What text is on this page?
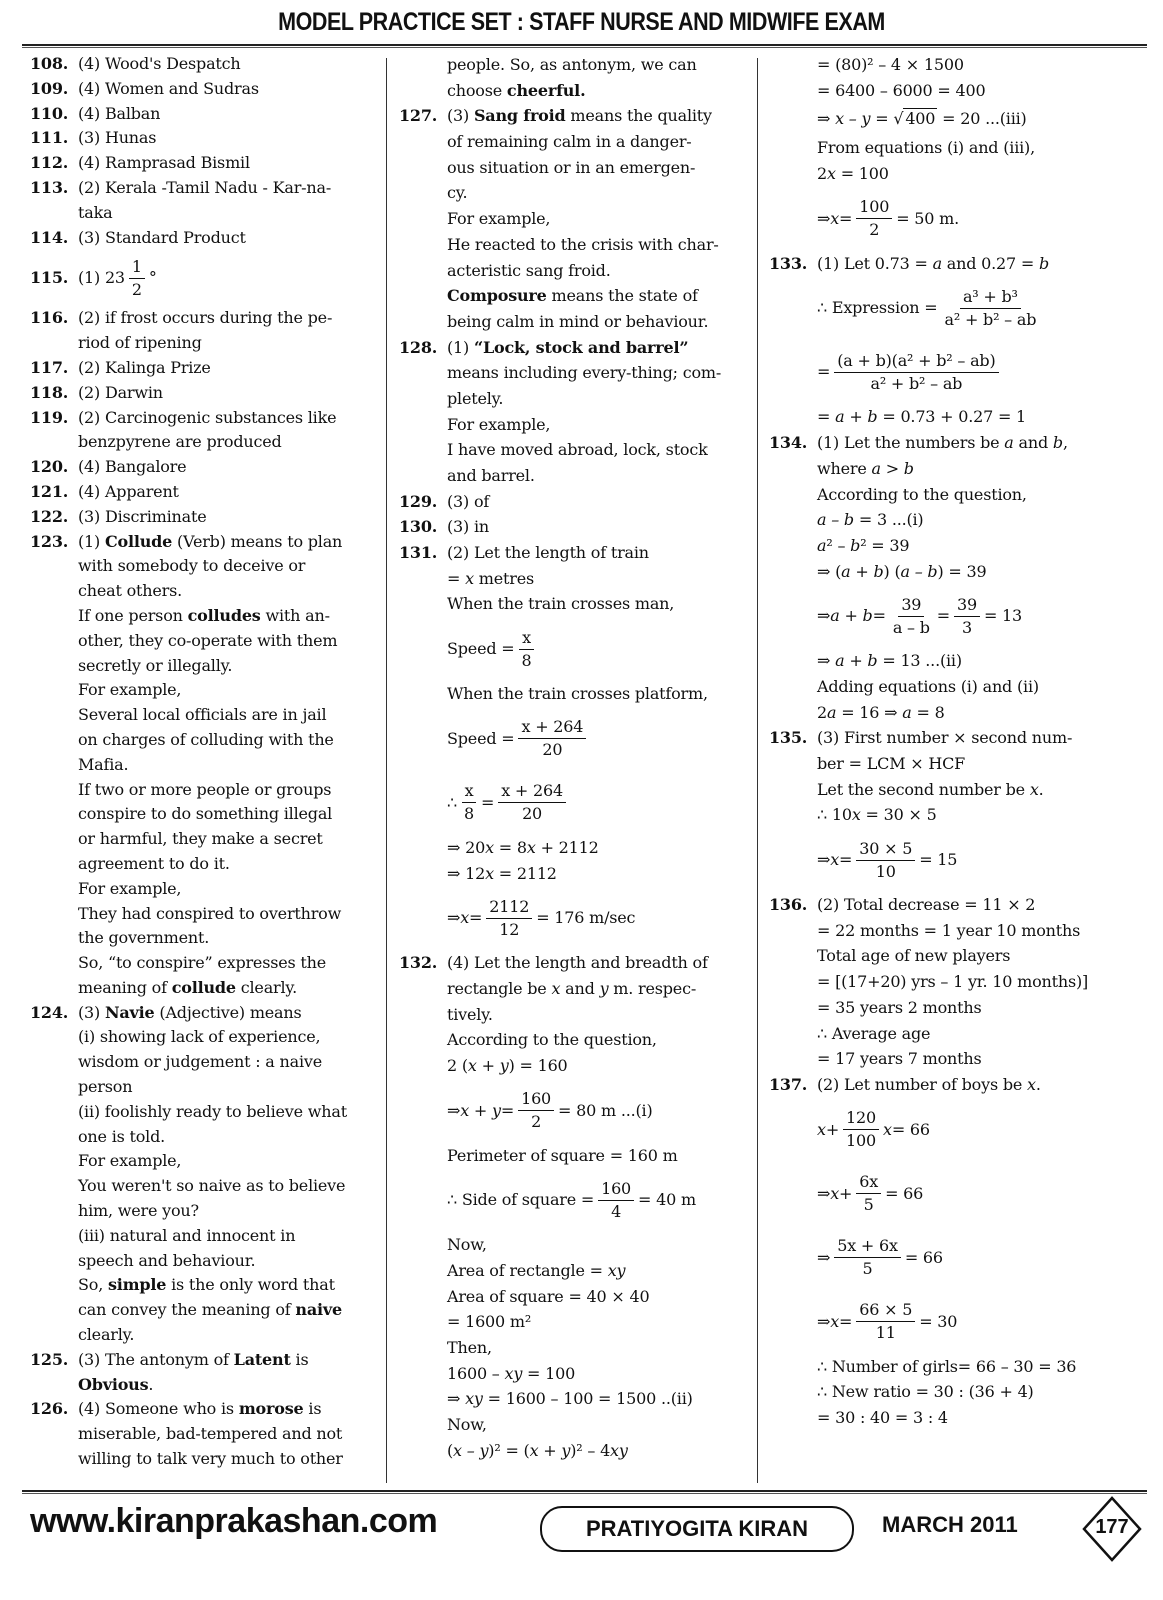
MODEL PRACTICE SET : STAFF NURSE AND MIDWIFE EXAM
108. (4) Wood's Despatch
109. (4) Women and Sudras
110. (4) Balban
111. (3) Hunas
112. (4) Ramprasad Bismil
113. (2) Kerala -Tamil Nadu - Kar-na-
taka
114. (3) Standard Product
115. (1) $23 \frac{1}{2}$ °
116. (2) if frost occurs during the pe-
riod of ripening
117. (2) Kalinga Prize
118. (2) Darwin
119. (2) Carcinogenic substances like
benzpyrene are produced
120. (4) Bangalore
121. (4) Apparent
122. (3) Discriminate
123. (1) Collude (Verb) means to plan
with somebody to deceive or
cheat others.
If one person colludes with an-
other, they co-operate with them
secretly or illegally.
For example,
Several local officials are in jail
on charges of colluding with the
Mafia.
If two or more people or groups
conspire to do something illegal
or harmful, they make a secret
agreement to do it.
For example,
They had conspired to overthrow
the government.
So, “to conspire” expresses the
meaning of collude clearly.
124. (3) Navie (Adjective) means
(i) showing lack of experience,
wisdom or judgement : a naive
person
(ii) foolishly ready to believe what
one is told.
For example,
You weren't so naive as to believe
him, were you?
(iii) natural and innocent in
speech and behaviour.
So, simple is the only word that
can convey the meaning of naive
clearly.
125. (3) The antonym of Latent is
Obvious.
126. (4) Someone who is morose is
miserable, bad-tempered and not
willing to talk very much to other
people. So, as antonym, we can
choose cheerful.
127. (3) Sang froid means the quality
of remaining calm in a danger-
ous situation or in an emergen-
cy.
For example,
He reacted to the crisis with char-
acteristic sang froid.
Composure means the state of
being calm in mind or behaviour.
128. (1) “Lock, stock and barrel”
means including every-thing; com-
pletely.
For example,
I have moved abroad, lock, stock
and barrel.
129. (3) of
130. (3) in
131. (2) Let the length of train
= x metres
When the train crosses man,
Speed = $\frac{x}{8}$
When the train crosses platform,
Speed = $\frac{x + 264}{20}$
∴ $\frac{x}{8} = \frac{x + 264}{20}$
⇒ 20x = 8x + 2112
⇒ 12x = 2112
⇒ $x = \frac{2112}{12} = 176$ m/sec
132. (4) Let the length and breadth of
rectangle be x and y m. respec-
tively.
According to the question,
2 (x + y) = 160
⇒ $x + y = \frac{160}{2} = 80$ m ...(i)
Perimeter of square = 160 m
∴ Side of square = $\frac{160}{4} = 40$ m
Now,
Area of rectangle = xy
Area of square = 40 × 40
= 1600 m²
Then,
1600 – xy = 100
⇒ xy = 1600 – 100 = 1500 ..(ii)
Now,
(x – y)² = (x + y)² – 4xy
= (80)² – 4 × 1500
= 6400 – 6000 = 400
⇒ x – y = √ 400 = 20 ...(iii)
From equations (i) and (iii),
2x = 100
⇒ $x = \frac{100}{2} = 50$ m.
133. (1) Let 0.73 = a and 0.27 = b
∴ Expression = $\frac{\text{a³ + b³}}{\text{a² + b² – ab}}$
= $\frac{\text{(a + b)(a² + b² – ab)}}{\text{a² + b² – ab}}$
= a + b = 0.73 + 0.27 = 1
134. (1) Let the numbers be a and b,
where a > b
According to the question,
a – b = 3 ...(i)
a² – b² = 39
⇒ (a + b) (a – b) = 39
⇒ $a + b = \frac{39}{a - b} = \frac{39}{3} = 13$
⇒ a + b = 13 ...(ii)
Adding equations (i) and (ii)
2a = 16 ⇒ a = 8
135. (3) First number × second num-
ber = LCM × HCF
Let the second number be x.
∴ 10x = 30 × 5
⇒ $x = \frac{30 \times 5}{10} = 15$
136. (2) Total decrease = 11 × 2
= 22 months = 1 year 10 months
Total age of new players
= [(17+20) yrs – 1 yr. 10 months)]
= 35 years 2 months
∴ Average age
= 17 years 7 months
137. (2) Let number of boys be x.
$x + \frac{120}{100}$ x = 66
⇒ $x + \frac{6x}{5} = 66$
⇒ $\frac{5x + 6x}{5} = 66$
⇒ $x = \frac{66 \times 5}{11} = 30$
∴ Number of girls= 66 – 30 = 36
∴ New ratio = 30 : (36 + 4)
= 30 : 40 = 3 : 4
www.kiranprakashan.com	PRATIYOGITA KIRAN	MARCH 2011	177
